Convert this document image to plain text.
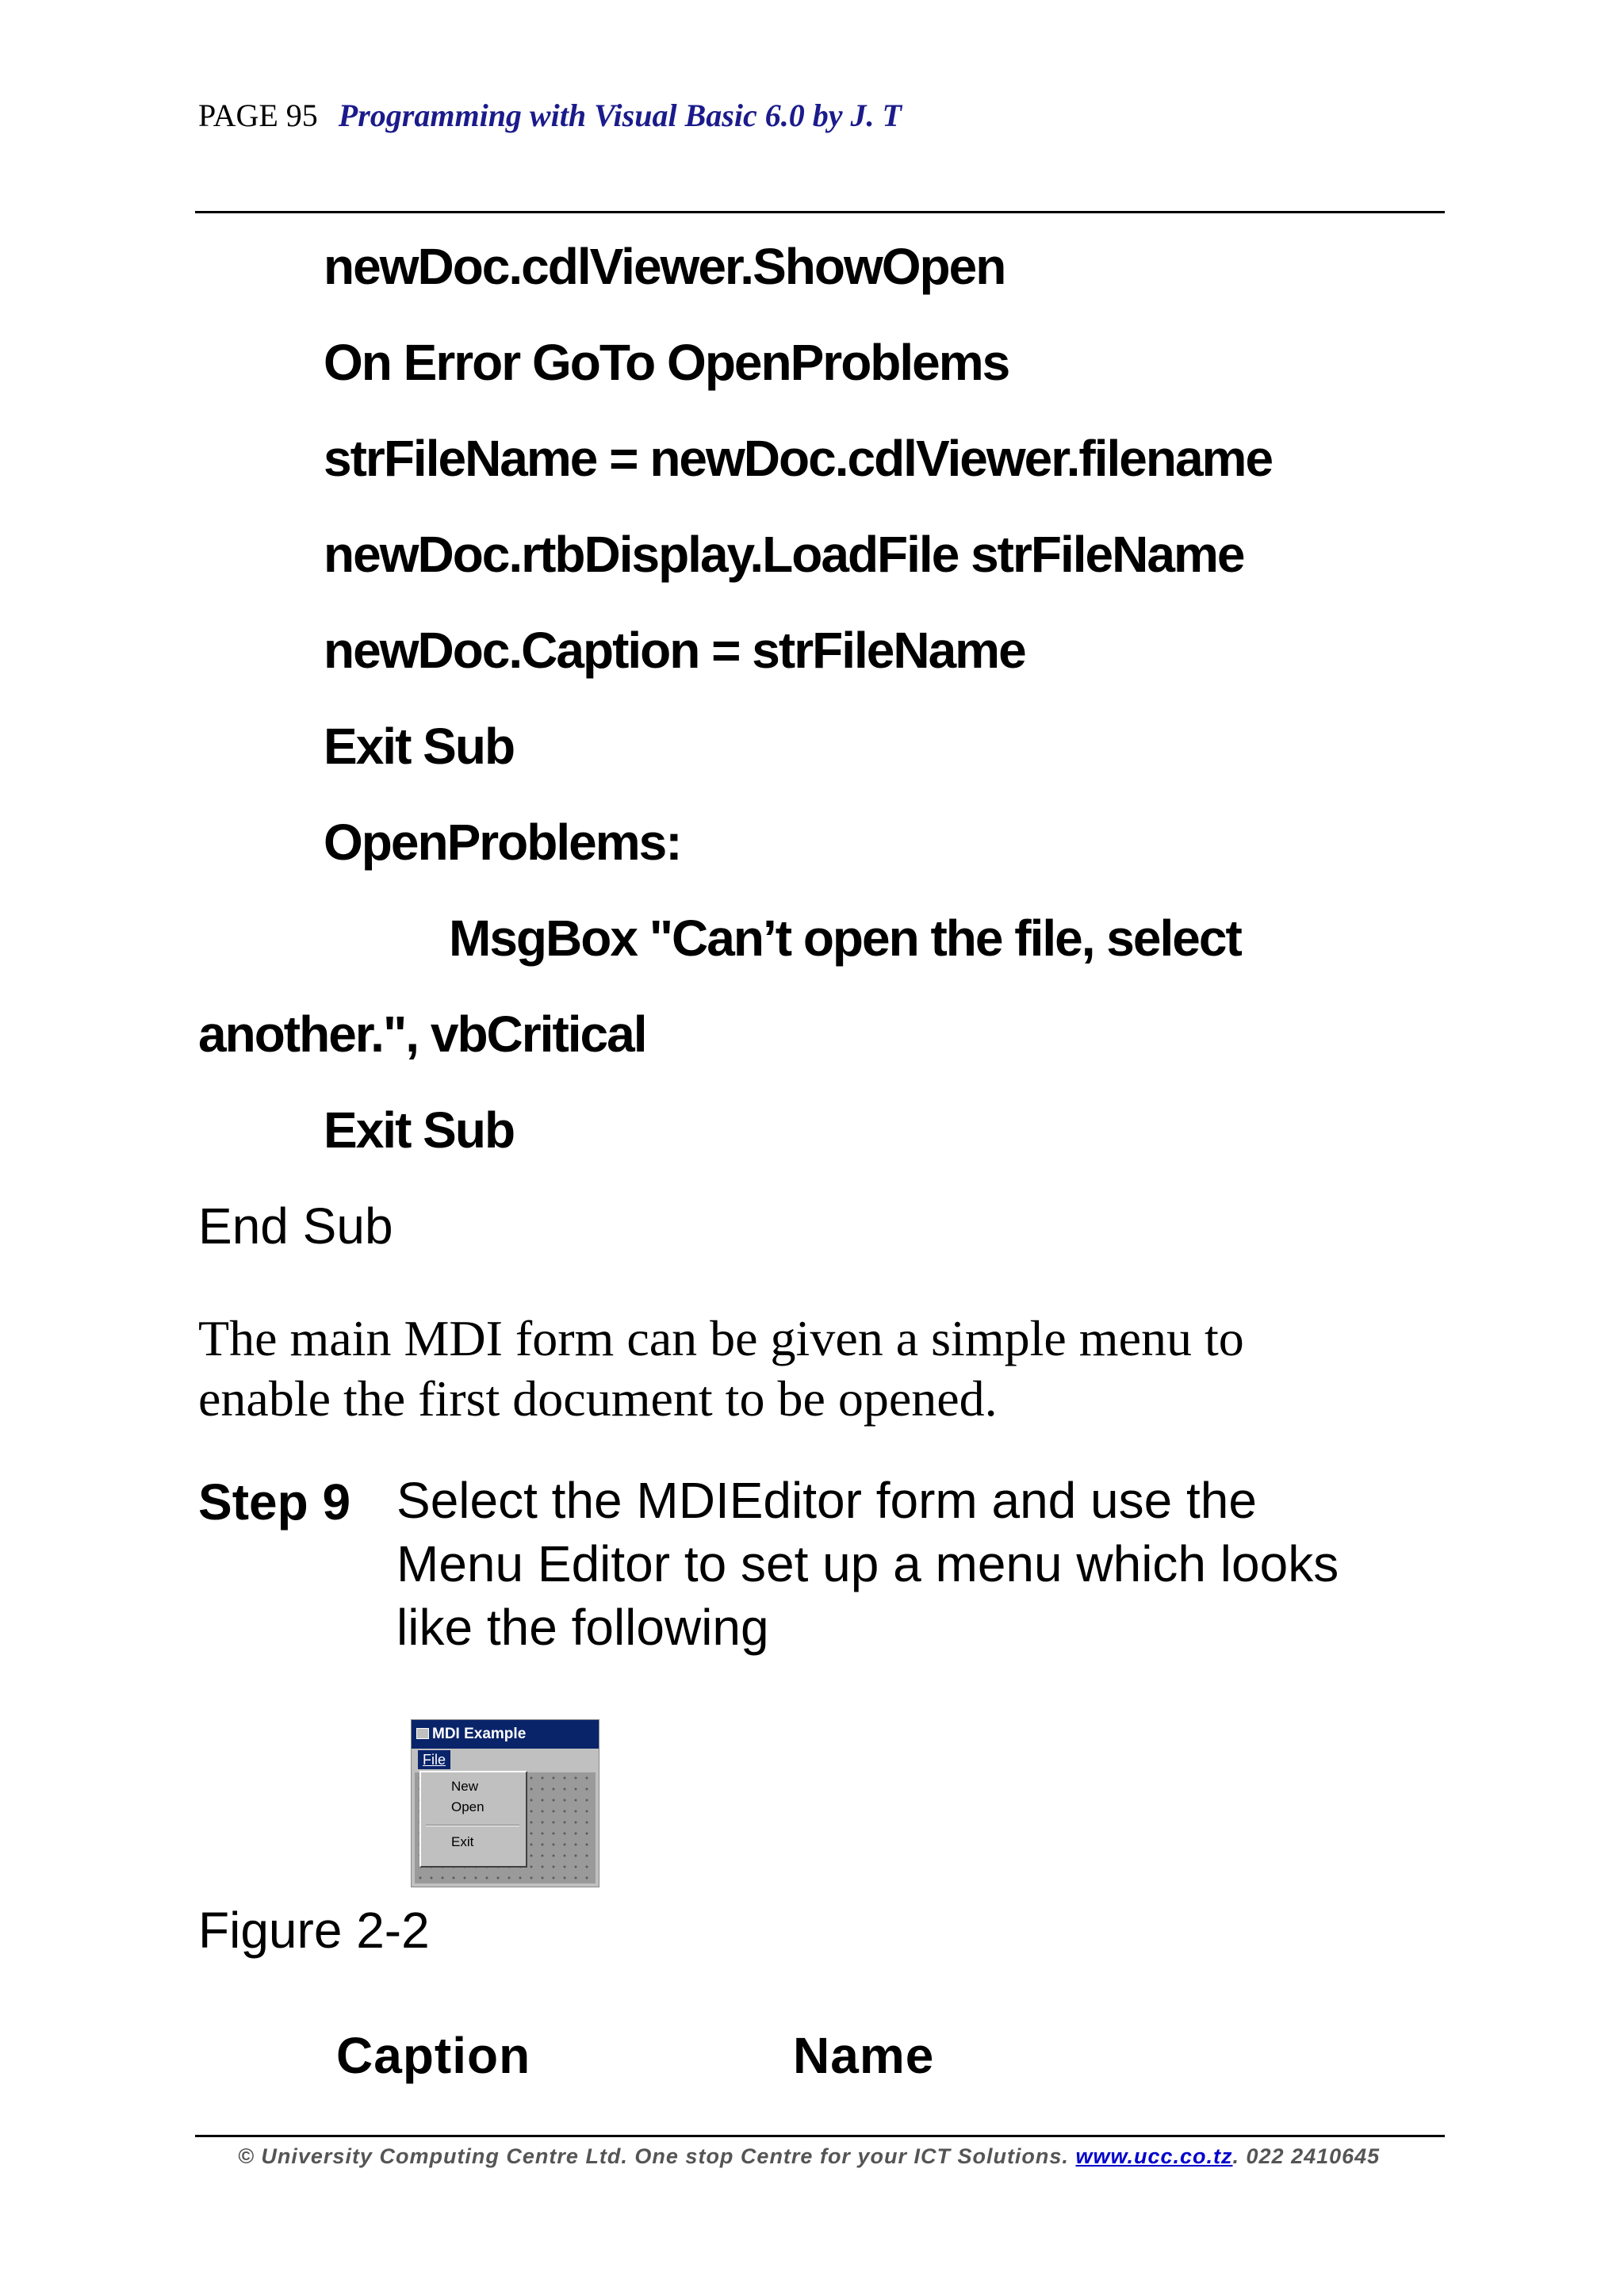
PAGE 95 Programming with Visual Basic 6.0 by J. T
newDoc.cdlViewer.ShowOpen
On Error GoTo OpenProblems
strFileName = newDoc.cdlViewer.filename
newDoc.rtbDisplay.LoadFile strFileName
newDoc.Caption = strFileName
Exit Sub
OpenProblems:
MsgBox "Can’t open the file, select
another.", vbCritical
Exit Sub
End Sub
The main MDI form can be given a simple menu to
enable the first document to be opened.
Step 9 Select the MDIEditor form and use the
Menu Editor to set up a menu which looks
like the following
MDI Example
File
New
Open
Exit
Figure 2-2
Caption	Name
© University Computing Centre Ltd. One stop Centre for your ICT Solutions. www.ucc.co.tz. 022 2410645
